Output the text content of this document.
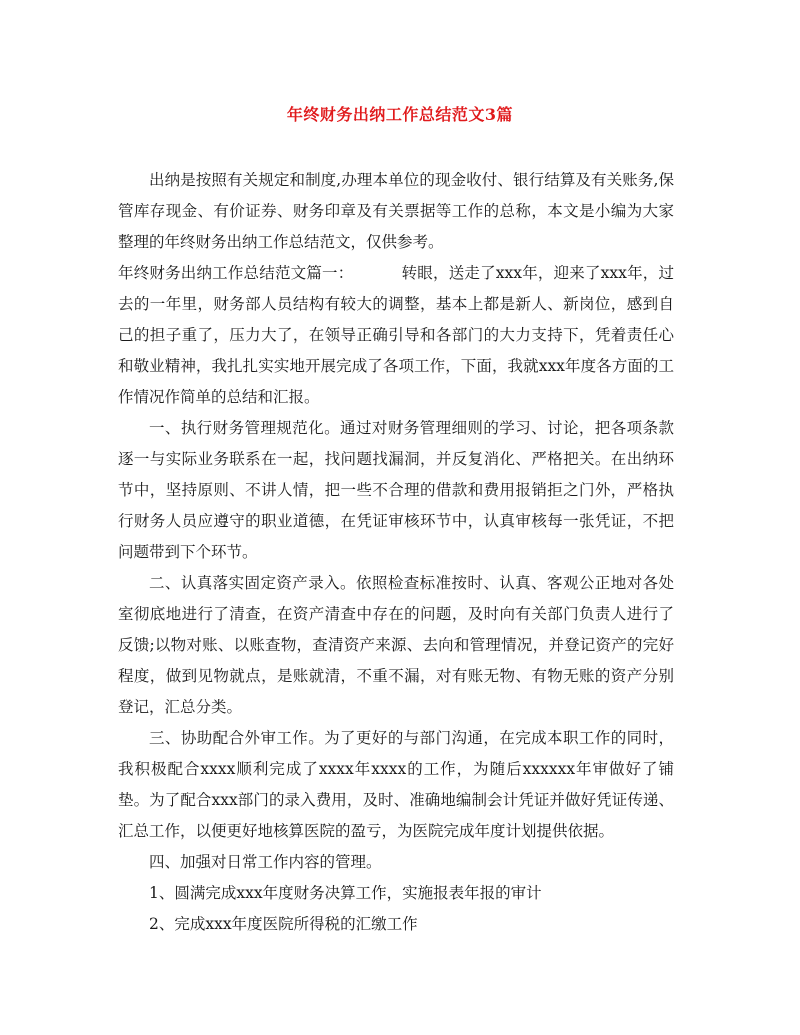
年终财务出纳工作总结范文3篇

出纳是按照有关规定和制度,办理本单位的现金收付、银行结算及有关账务,保管库存现金、有价证券、财务印章及有关票据等工作的总称，本文是小编为大家整理的年终财务出纳工作总结范文，仅供参考。

年终财务出纳工作总结范文篇一：	转眼，送走了xxx年，迎来了xxx年，过去的一年里，财务部人员结构有较大的调整，基本上都是新人、新岗位，感到自己的担子重了，压力大了，在领导正确引导和各部门的大力支持下，凭着责任心和敬业精神，我扎扎实实地开展完成了各项工作，下面，我就xxx年度各方面的工作情况作简单的总结和汇报。

一、执行财务管理规范化。通过对财务管理细则的学习、讨论，把各项条款逐一与实际业务联系在一起，找问题找漏洞，并反复消化、严格把关。在出纳环节中，坚持原则、不讲人情，把一些不合理的借款和费用报销拒之门外，严格执行财务人员应遵守的职业道德，在凭证审核环节中，认真审核每一张凭证，不把问题带到下个环节。

二、认真落实固定资产录入。依照检查标准按时、认真、客观公正地对各处室彻底地进行了清查，在资产清查中存在的问题，及时向有关部门负责人进行了反馈;以物对账、以账查物，查清资产来源、去向和管理情况，并登记资产的完好程度，做到见物就点，是账就清，不重不漏，对有账无物、有物无账的资产分别登记，汇总分类。

三、协助配合外审工作。为了更好的与部门沟通，在完成本职工作的同时，我积极配合xxxx顺利完成了xxxx年xxxx的工作，为随后xxxxxx年审做好了铺垫。为了配合xxx部门的录入费用，及时、准确地编制会计凭证并做好凭证传递、汇总工作，以便更好地核算医院的盈亏，为医院完成年度计划提供依据。

四、加强对日常工作内容的管理。

1、圆满完成xxx年度财务决算工作，实施报表年报的审计

2、完成xxx年度医院所得税的汇缴工作
